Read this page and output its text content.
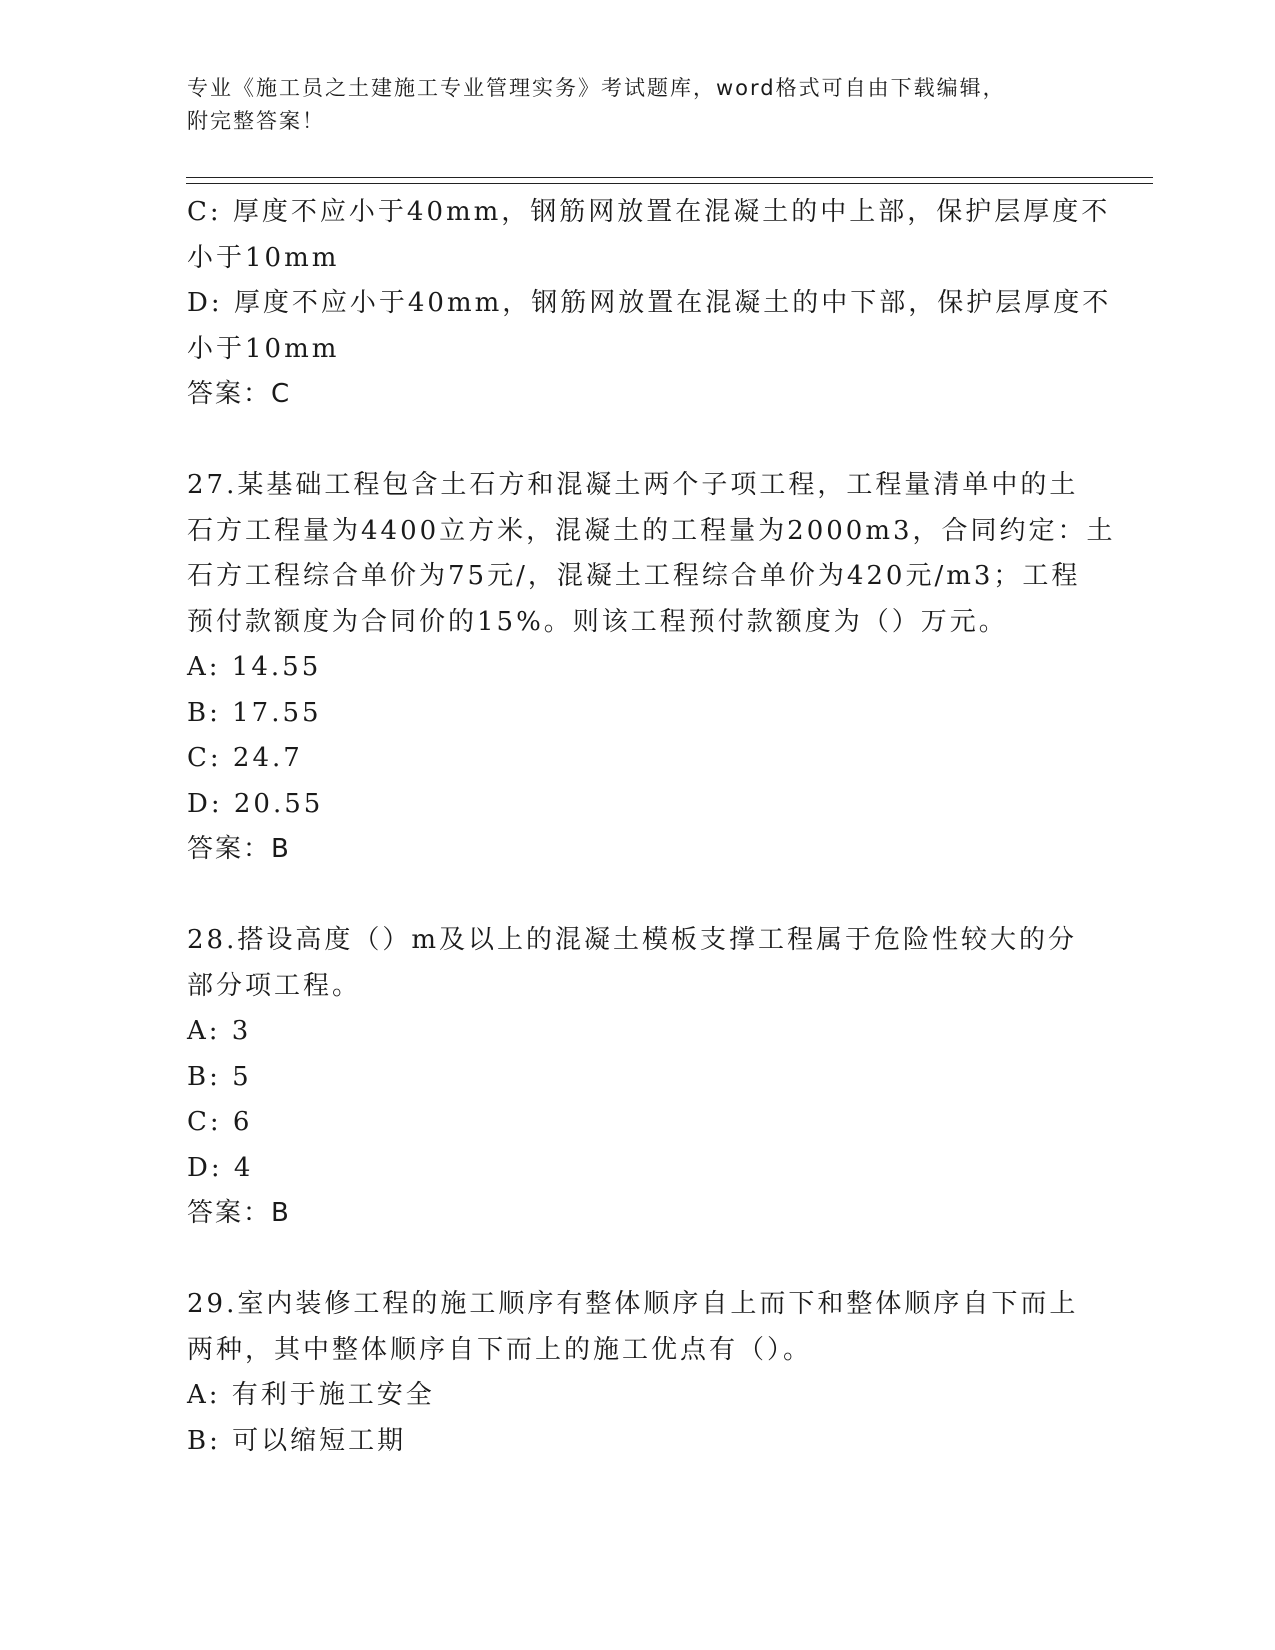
专业《施工员之土建施工专业管理实务》考试题库，word格式可自由下载编辑，
附完整答案！
C: 厚度不应小于40mm，钢筋网放置在混凝土的中上部，保护层厚度不
小于10mm
D: 厚度不应小于40mm，钢筋网放置在混凝土的中下部，保护层厚度不
小于10mm
答案：C
27.某基础工程包含土石方和混凝土两个子项工程，工程量清单中的土
石方工程量为4400立方米，混凝土的工程量为2000m3，合同约定：土
石方工程综合单价为75元/，混凝土工程综合单价为420元/m3；工程
预付款额度为合同价的15%。则该工程预付款额度为（）万元。
A: 14.55
B: 17.55
C: 24.7
D: 20.55
答案：B
28.搭设高度（）m及以上的混凝土模板支撑工程属于危险性较大的分
部分项工程。
A: 3
B: 5
C: 6
D: 4
答案：B
29.室内装修工程的施工顺序有整体顺序自上而下和整体顺序自下而上
两种，其中整体顺序自下而上的施工优点有（）。
A: 有利于施工安全
B: 可以缩短工期
